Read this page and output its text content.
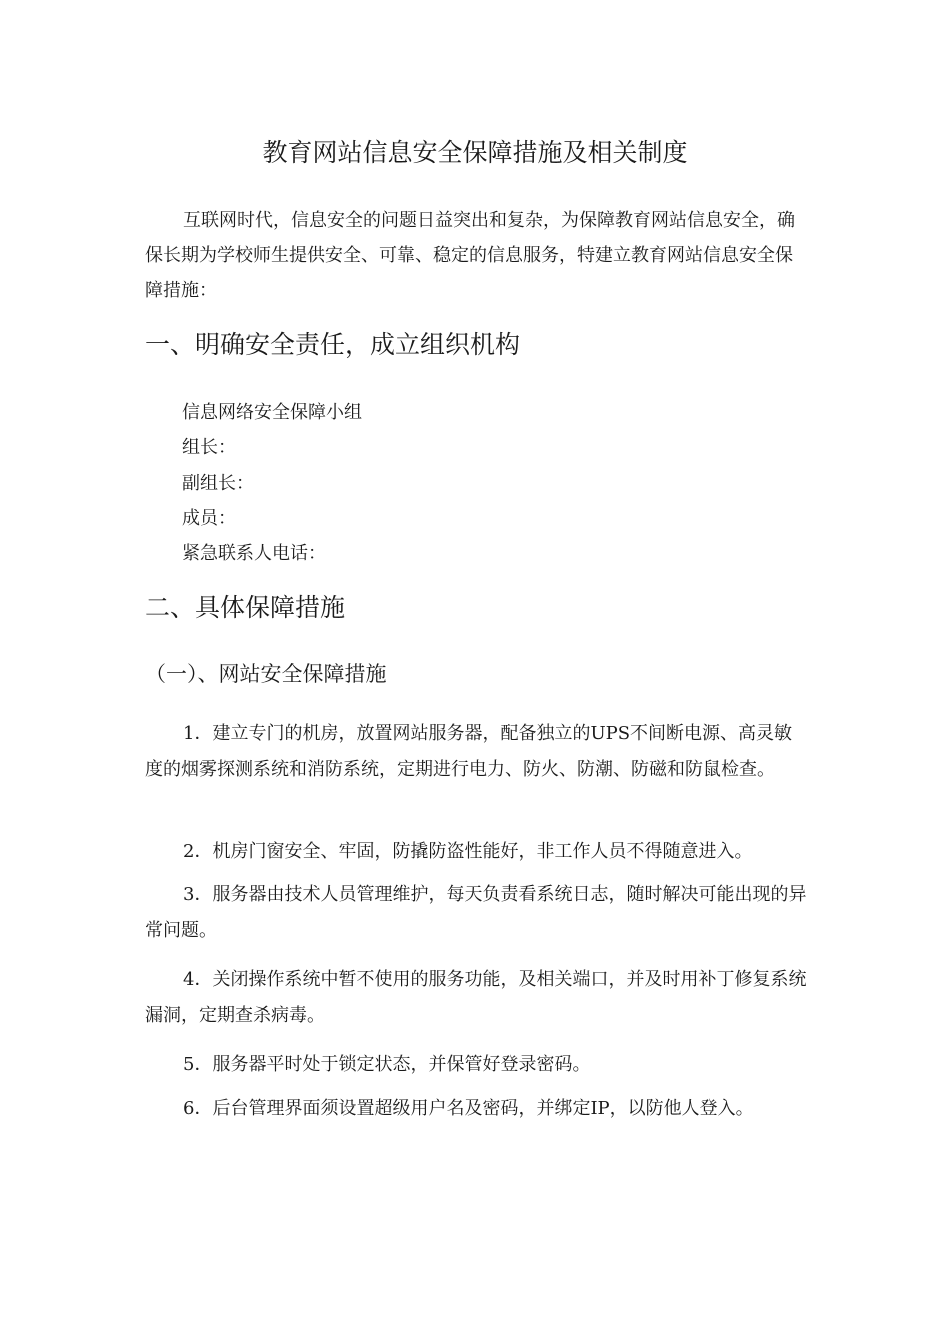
教育网站信息安全保障措施及相关制度
互联网时代，信息安全的问题日益突出和复杂，为保障教育网站信息安全，确保长期为学校师生提供安全、可靠、稳定的信息服务，特建立教育网站信息安全保障措施：
一、明确安全责任，成立组织机构
信息网络安全保障小组
组长：
副组长：
成员：
紧急联系人电话：
二、具体保障措施
（一）、网站安全保障措施
1．建立专门的机房，放置网站服务器，配备独立的UPS不间断电源、高灵敏度的烟雾探测系统和消防系统，定期进行电力、防火、防潮、防磁和防鼠检查。
2．机房门窗安全、牢固，防撬防盗性能好，非工作人员不得随意进入。
3．服务器由技术人员管理维护，每天负责看系统日志，随时解决可能出现的异常问题。
4．关闭操作系统中暂不使用的服务功能，及相关端口，并及时用补丁修复系统漏洞，定期查杀病毒。
5．服务器平时处于锁定状态，并保管好登录密码。
6．后台管理界面须设置超级用户名及密码，并绑定IP，以防他人登入。
